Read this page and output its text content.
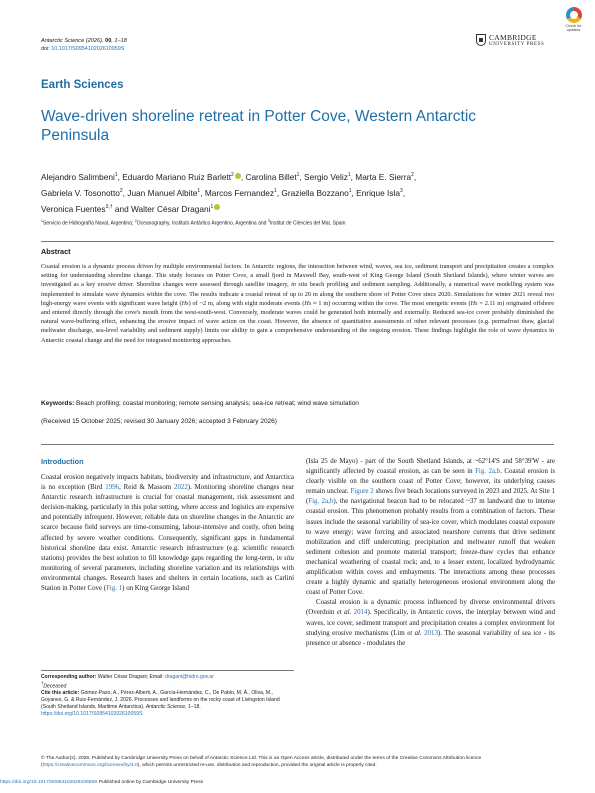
Antarctic Science (2026), 00, 1–18
doi: 10.1017/S095410202610059S
CAMBRIDGE
UNIVERSITY PRESS
Check for updates
Earth Sciences
Wave-driven shoreline retreat in Potter Cove, Western Antarctic Peninsula
Alejandro Salimbeni$^1$, Eduardo Mariano Ruiz Barlett$^2$ , Carolina Billet$^1$, Sergio Veliz$^1$, Marta E. Sierra$^2$,
Gabriela V. Tosonotto$^2$, Juan Manuel Albite$^1$, Marcos Fernandez$^1$, Graziella Bozzano$^1$, Enrique Isla$^3$,
Veronica Fuentes$^{3,\dagger}$ and Walter César Dragani$^1$
$^1$Servicio de Hidrografía Naval, Argentina; $^2$Oceanography, Instituto Antártico Argentino, Argentina and $^3$Institut de Ciències del Mar, Spain
Abstract
Coastal erosion is a dynamic process driven by multiple environmental factors. In Antarctic regions, the interaction between wind, waves, sea ice, sediment transport and precipitation creates a complex setting for understanding shoreline change. This study focuses on Potter Cove, a small fjord in Maxwell Bay, south-west of King George Island (South Shetland Islands), where winter waves are investigated as a key erosive driver. Shoreline changes were assessed through satellite imagery, in situ beach profiling and sediment sampling. Additionally, a numerical wave modelling system was implemented to simulate wave dynamics within the cove. The results indicate a coastal retreat of up to 20 m along the southern shore of Potter Cove since 2020. Simulations for winter 2021 reveal two high-energy wave events with significant wave height (Hs) of ~2 m, along with eight moderate events (Hs ≈ 1 m) occurring within the cove. The most energetic events (Hs = 2.11 m) originated offshore and entered directly through the cove's mouth from the west-south-west. Conversely, moderate waves could be generated both internally and externally. Reduced sea-ice cover probably diminished the natural wave-buffering effect, enhancing the erosive impact of wave action on the coast. However, the absence of quantitative assessments of other relevant processes (e.g. permafrost thaw, glacial meltwater discharge, sea-level variability and sediment supply) limits our ability to gain a comprehensive understanding of the ongoing erosion. These findings highlight the role of wave dynamics in Antarctic coastal change and the need for integrated monitoring approaches.
Keywords: Beach profiling; coastal monitoring; remote sensing analysis; sea-ice retreat; wind wave simulation
(Received 15 October 2025; revised 30 January 2026; accepted 3 February 2026)
Introduction

Coastal erosion negatively impacts habitats, biodiversity and infrastructure, and Antarctica is no exception (Bird 1996, Reid & Massom 2022). Monitoring shoreline changes near Antarctic research infrastructure is crucial for coastal management, risk assessment and decision-making, particularly in this polar setting, where access and logistics are expensive and potentially infrequent. However, reliable data on shoreline changes in the Antarctic are scarce because field surveys are time-consuming, labour-intensive and costly, often being affected by severe weather conditions. Consequently, significant gaps in fundamental historical shoreline data exist. Antarctic research infrastructure (e.g. scientific research stations) provides the best solution to fill knowledge gaps regarding the long-term, in situ monitoring of several parameters, including shoreline variation and its relationships with environmental changes. Research bases and shelters in certain locations, such as Carlini Station in Potter Cove (Fig. 1) on King George Island

(Isla 25 de Mayo) - part of the South Shetland Islands, at ~62°14'S and 58°39'W - are significantly affected by coastal erosion, as can be seen in Fig. 2a,b. Coastal erosion is clearly visible on the southern coast of Potter Cove; however, its underlying causes remain unclear. Figure 2 shows five beach locations surveyed in 2023 and 2025. At Site 1 (Fig. 2a,b), the navigational beacon had to be relocated ~37 m landward due to intense coastal erosion. This phenomenon probably results from a combination of factors. These issues include the seasonal variability of sea-ice cover, which modulates coastal exposure to wave energy; wave forcing and associated nearshore currents that drive sediment mobilization and cliff undercutting; precipitation and meltwater runoff that weaken sediment cohesion and promote material transport; freeze-thaw cycles that enhance mechanical weathering of coastal rock; and, to a lesser extent, localized hydrodynamic amplification within coves and embayments. The interactions among these processes create a highly dynamic and spatially heterogeneous erosional environment along the coast of Potter Cove.

Coastal erosion is a dynamic process influenced by diverse environmental drivers (Overduin et al. 2014). Specifically, in Antarctic coves, the interplay between wind and waves, ice cover, sediment transport and precipitation creates a complex environment for studying erosive mechanisms (Lim et al. 2013). The seasonal variability of sea ice - its presence or absence - modulates the

Corresponding author: Walter César Dragani; Email: dragani@hidro.gov.ar
†Deceased
Cite this article: Gómez-Pazo, A., Pérez-Alberti, A., García-Hernández, C., De Pablo, M. Á., Oliva, M., Goyanes, G. & Ruiz-Fernández, J. 2026. Processes and landforms on the rocky coast of Livingston Island (South Shetland Islands, Maritime Antarctica). Antarctic Science, 1–18. https://doi.org/10.1017/S095410202610059S
© The Author(s), 2026. Published by Cambridge University Press on behalf of Antarctic Science Ltd. This is an Open Access article, distributed under the terms of the Creative Commons Attribution licence (https://creativecommons.org/licenses/by/4.0), which permits unrestricted re-use, distribution and reproduction, provided the original article is properly cited.
https://doi.org/10.1017/S095410202610059S Published online by Cambridge University Press
